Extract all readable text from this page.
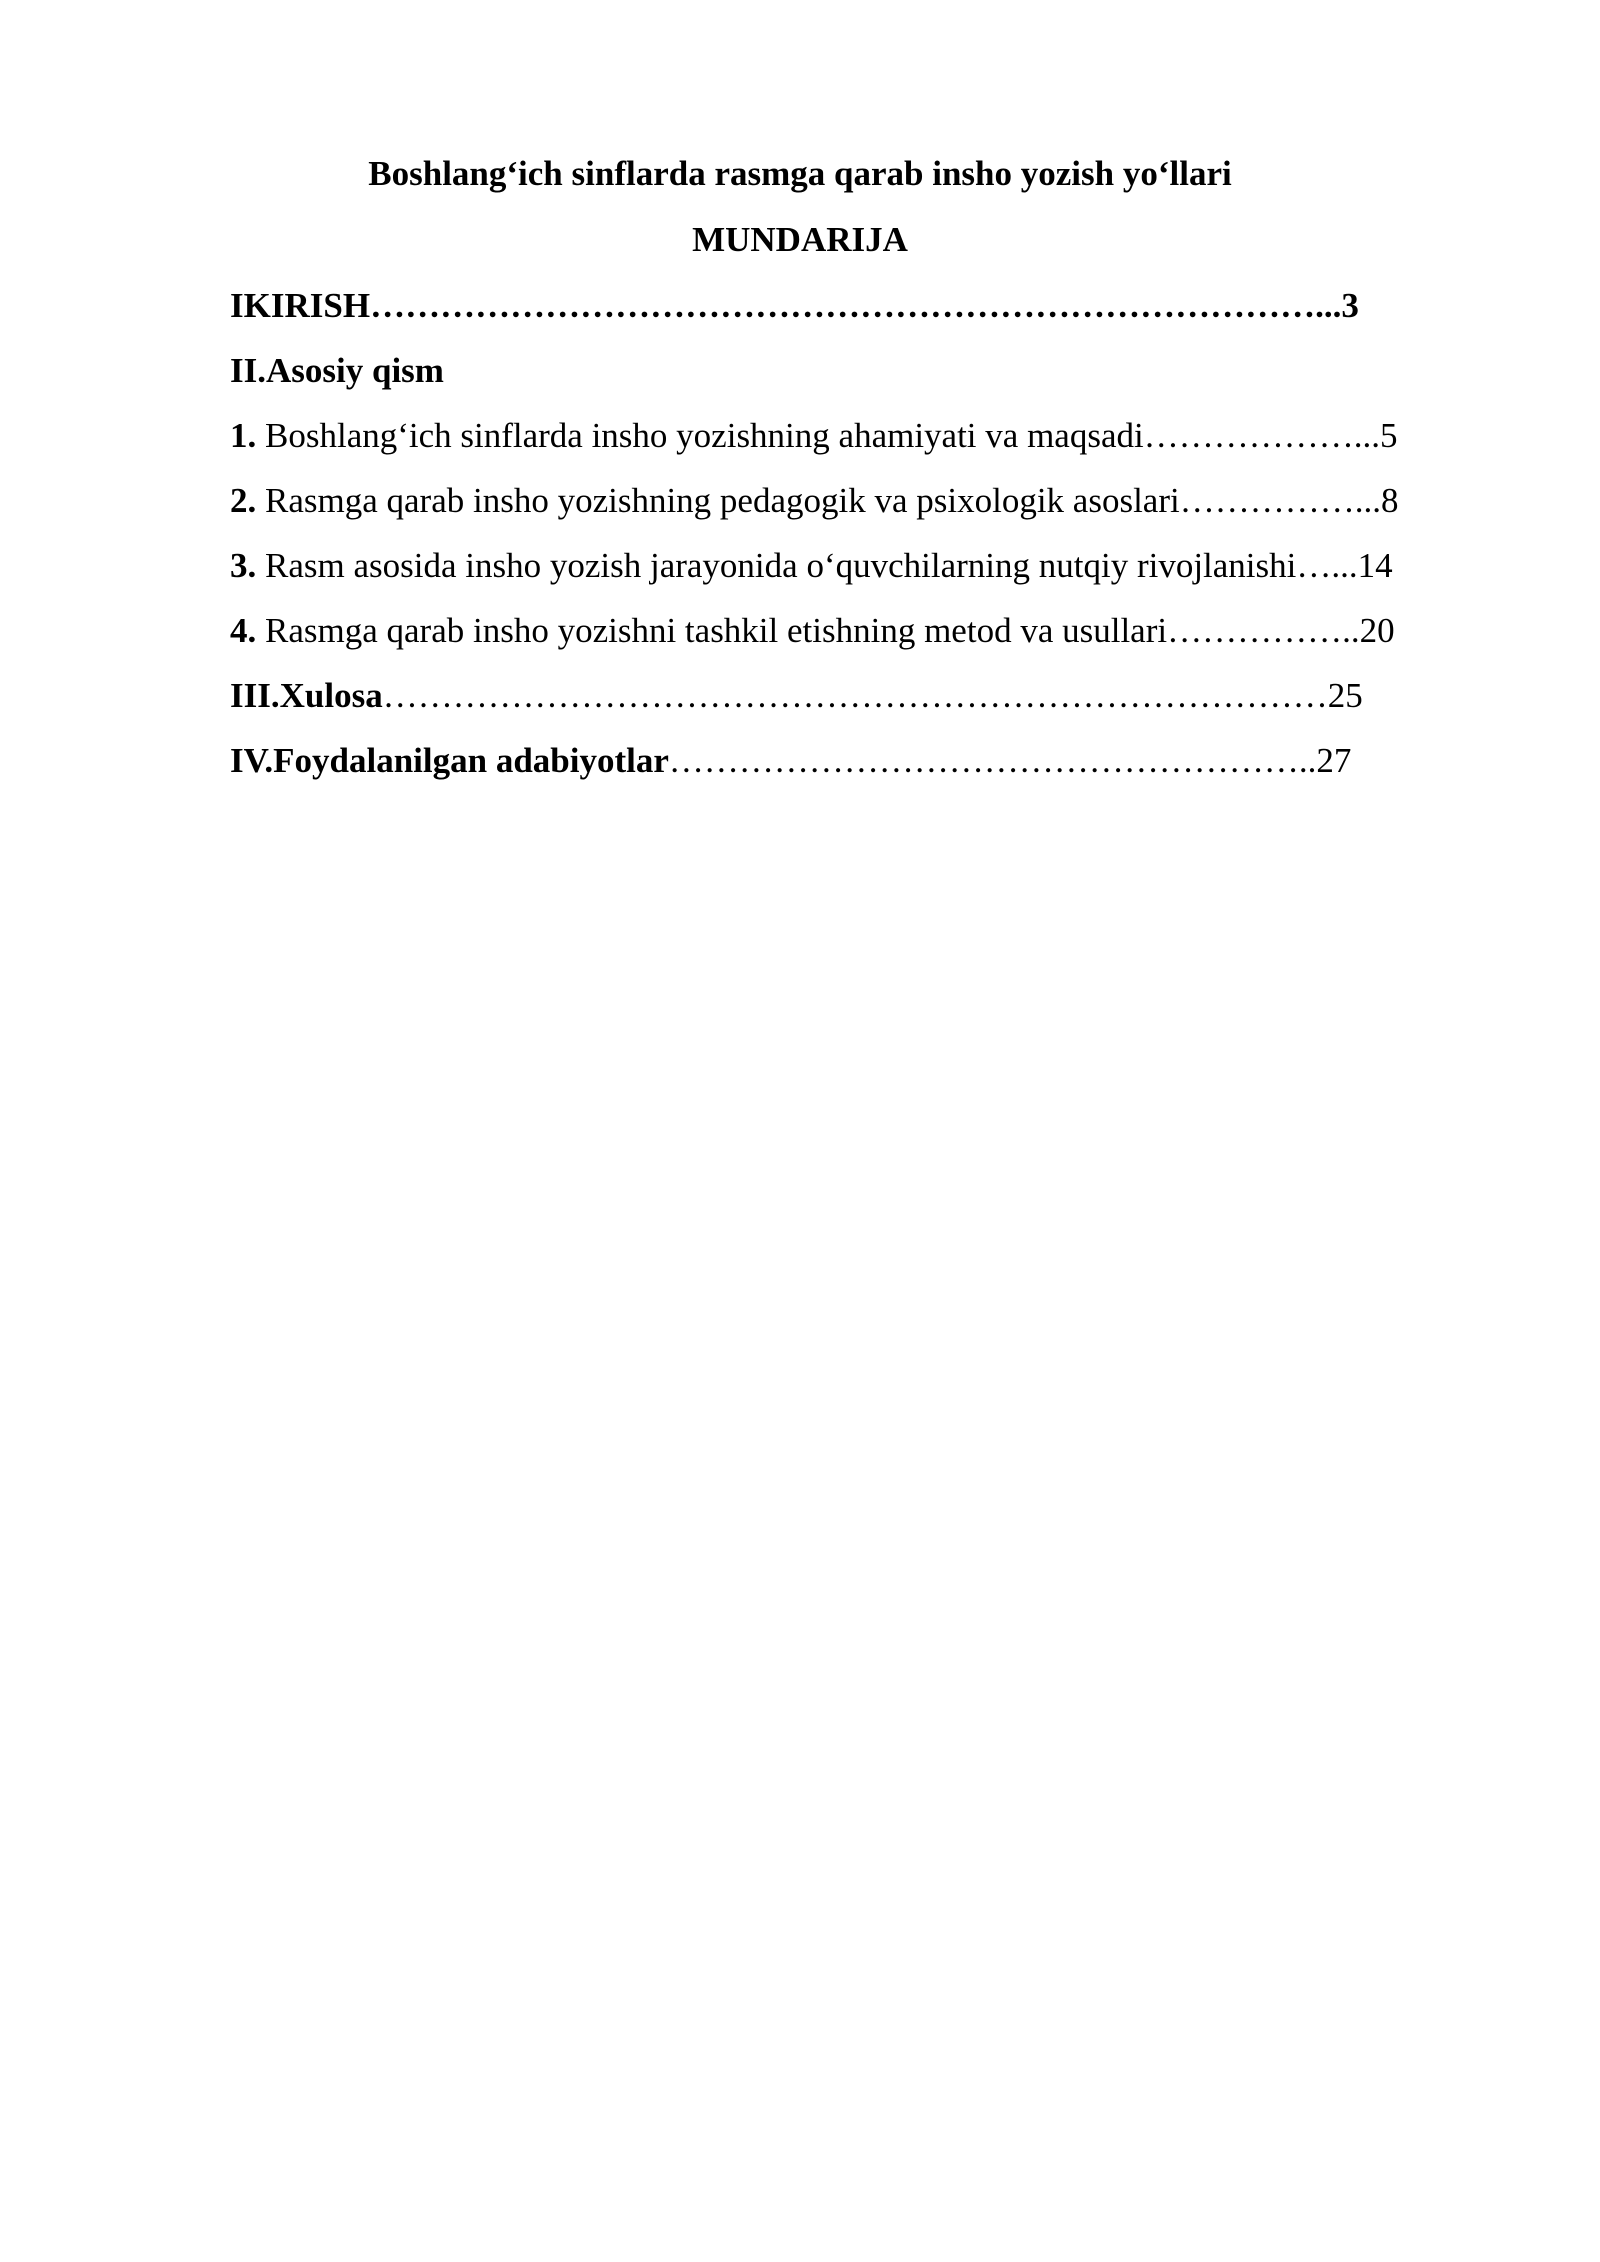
Boshlang‘ich sinflarda rasmga qarab insho yozish yo‘llari
MUNDARIJA
IKIRISH………………………………………………………………………...3
II.Asosiy qism
1. Boshlang‘ich sinflarda insho yozishning ahamiyati va maqsadi………………...5
2. Rasmga qarab insho yozishning pedagogik va psixologik asoslari……………...8
3. Rasm asosida insho yozish jarayonida o‘quvchilarning nutqiy rivojlanishi…...14
4. Rasmga qarab insho yozishni tashkil etishning metod va usullari……………..20
III.Xulosa………………………………………………………………………25
IV.Foydalanilgan adabiyotlar………………………………………………..27
